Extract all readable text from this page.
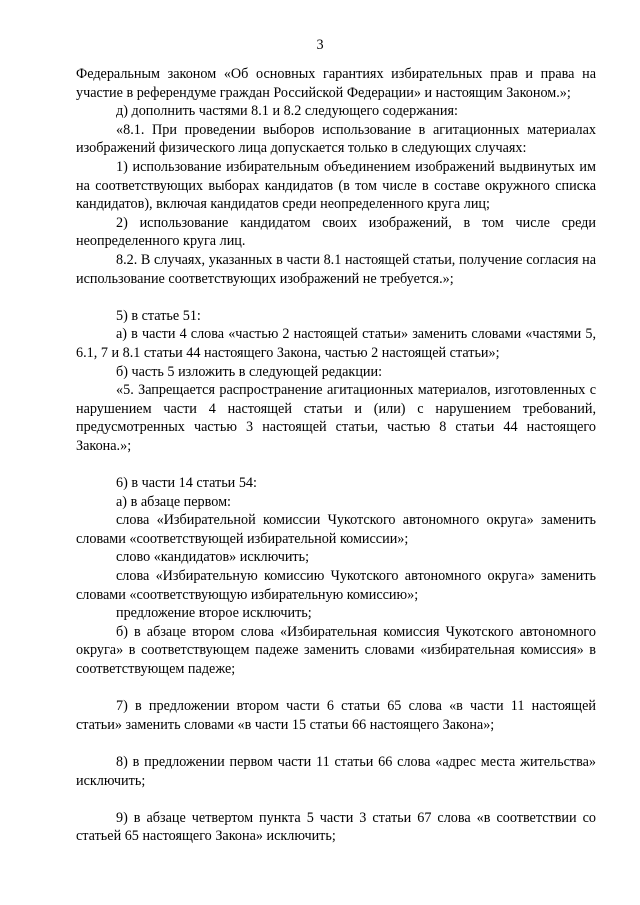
3

Федеральным законом «Об основных гарантиях избирательных прав и права на участие в референдуме граждан Российской Федерации» и настоящим Законом.»;

д) дополнить частями 8.1 и 8.2 следующего содержания:

«8.1. При проведении выборов использование в агитационных материалах изображений физического лица допускается только в следующих случаях:

1) использование избирательным объединением изображений выдвинутых им на соответствующих выборах кандидатов (в том числе в составе окружного списка кандидатов), включая кандидатов среди неопределенного круга лиц;

2) использование кандидатом своих изображений, в том числе среди неопределенного круга лиц.

8.2. В случаях, указанных в части 8.1 настоящей статьи, получение согласия на использование соответствующих изображений не требуется.»;

5) в статье 51:

а) в части 4 слова «частью 2 настоящей статьи» заменить словами «частями 5, 6.1, 7 и 8.1 статьи 44 настоящего Закона, частью 2 настоящей статьи»;

б) часть 5 изложить в следующей редакции:

«5. Запрещается распространение агитационных материалов, изготовленных с нарушением части 4 настоящей статьи и (или) с нарушением требований, предусмотренных частью 3 настоящей статьи, частью 8 статьи 44 настоящего Закона.»;

6) в части 14 статьи 54:

а) в абзаце первом:

слова «Избирательной комиссии Чукотского автономного округа» заменить словами «соответствующей избирательной комиссии»;

слово «кандидатов» исключить;

слова «Избирательную комиссию Чукотского автономного округа» заменить словами «соответствующую избирательную комиссию»;

предложение второе исключить;

б) в абзаце втором слова «Избирательная комиссия Чукотского автономного округа» в соответствующем падеже заменить словами «избирательная комиссия» в соответствующем падеже;

7) в предложении втором части 6 статьи 65 слова «в части 11 настоящей статьи» заменить словами «в части 15 статьи 66 настоящего Закона»;

8) в предложении первом части 11 статьи 66 слова «адрес места жительства» исключить;

9) в абзаце четвертом пункта 5 части 3 статьи 67 слова «в соответствии со статьей 65 настоящего Закона» исключить;
